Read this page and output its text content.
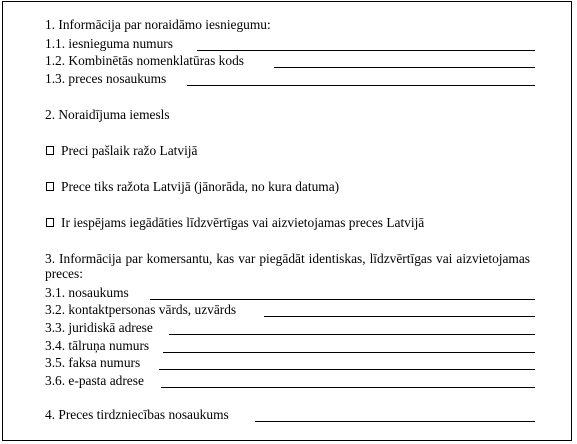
1. Informācija par noraidāmo iesniegumu:
1.1. iesnieguma numurs
1.2. Kombinētās nomenklatūras kods
1.3. preces nosaukums
2. Noraidījuma iemesls
Preci pašlaik ražo Latvijā
Prece tiks ražota Latvijā (jānorāda, no kura datuma)
Ir iespējams iegādāties līdzvērtīgas vai aizvietojamas preces Latvijā
3. Informācija par komersantu, kas var piegādāt identiskas, līdzvērtīgas vai aizvietojamas preces:
3.1. nosaukums
3.2. kontaktpersonas vārds, uzvārds
3.3. juridiskā adrese
3.4. tālruņa numurs
3.5. faksa numurs
3.6. e-pasta adrese
4. Preces tirdzniecības nosaukums
